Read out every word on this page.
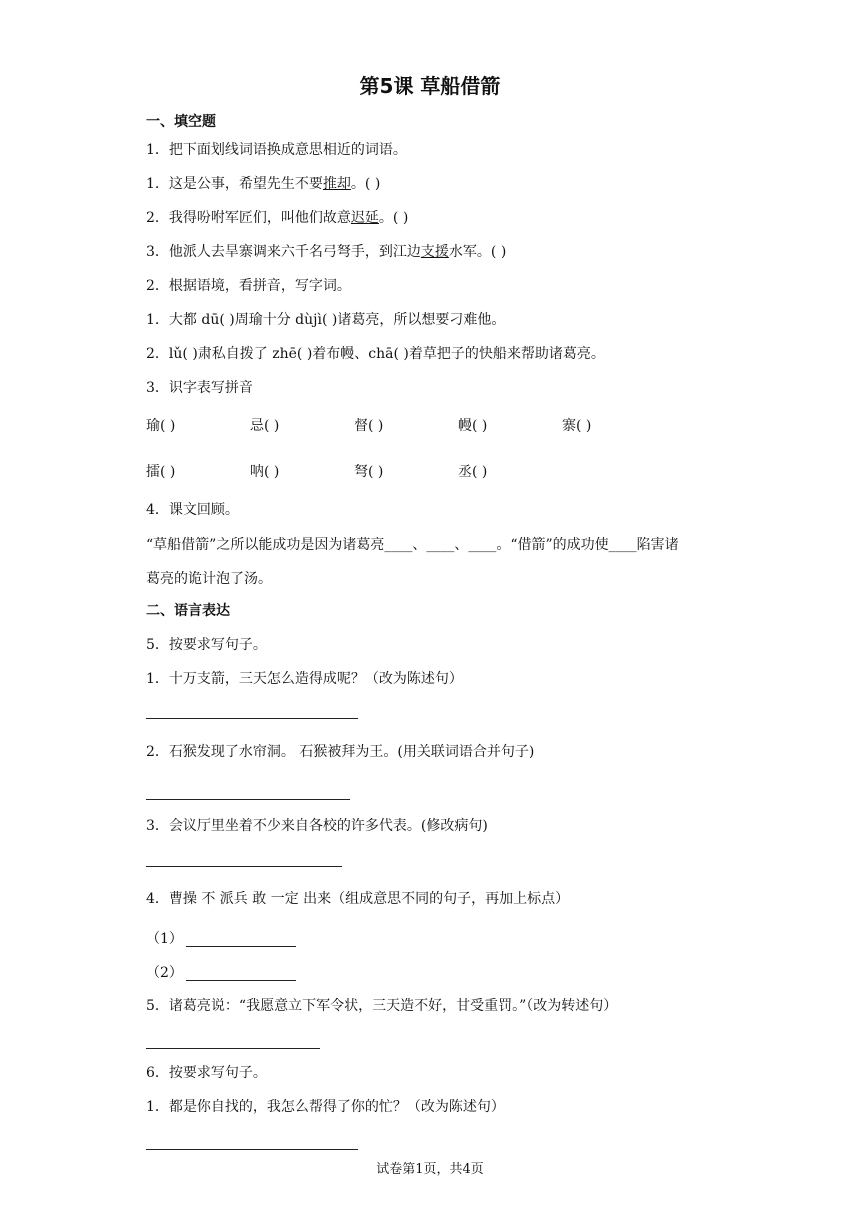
第5课 草船借箭
一、填空题
1．把下面划线词语换成意思相近的词语。
1．这是公事，希望先生不要推却。( )
2．我得吩咐军匠们，叫他们故意迟延。( )
3．他派人去旱寨调来六千名弓弩手，到江边支援水军。( )
2．根据语境，看拼音，写字词。
1．大都 dū( )周瑜十分 dùjì( )诸葛亮，所以想要刁难他。
2．lǔ( )肃私自拨了 zhē( )着布幔、chā( )着草把子的快船来帮助诸葛亮。
3．识字表写拼音
瑜( )	忌( )	督( )	幔( )	寨( )
擂( )	呐( )	弩( )	丞( )
4．课文回顾。
“草船借箭”之所以能成功是因为诸葛亮____、____、____。“借箭”的成功使____陷害诸
葛亮的诡计泡了汤。
二、语言表达
5．按要求写句子。
1．十万支箭，三天怎么造得成呢？（改为陈述句）
2．石猴发现了水帘洞。 石猴被拜为王。(用关联词语合并句子)
3．会议厅里坐着不少来自各校的许多代表。(修改病句)
4．曹操 不 派兵 敢 一定 出来（组成意思不同的句子，再加上标点）
（1）
（2）
5．诸葛亮说：“我愿意立下军令状，三天造不好，甘受重罚。”（改为转述句）
6．按要求写句子。
1．都是你自找的，我怎么帮得了你的忙？（改为陈述句）
试卷第1页，共4页
